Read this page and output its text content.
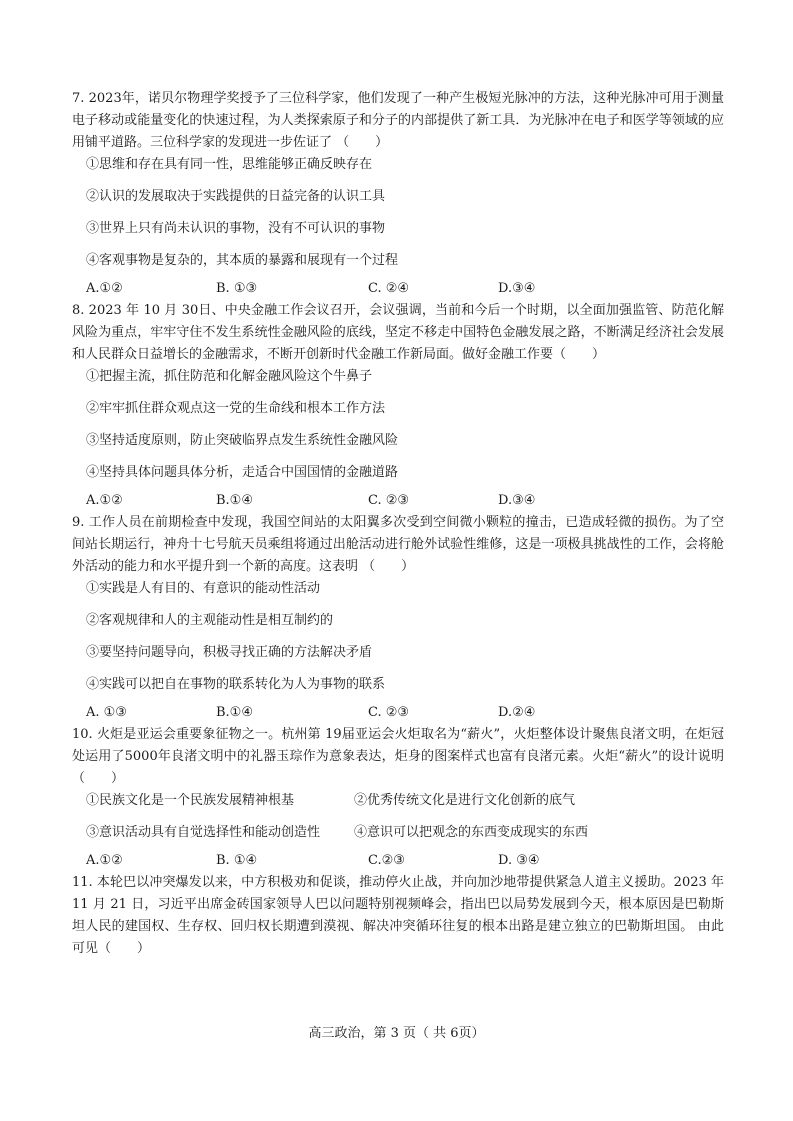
7. 2023年，诺贝尔物理学奖授予了三位科学家，他们发现了一种产生极短光脉冲的方法，这种光脉冲可用于测量电子移动或能量变化的快速过程，为人类探索原子和分子的内部提供了新工具．为光脉冲在电子和医学等领域的应用铺平道路。三位科学家的发现进一步佐证了 （　　）

①思维和存在具有同一性，思维能够正确反映存在
②认识的发展取决于实践提供的日益完备的认识工具
③世界上只有尚未认识的事物，没有不可认识的事物
④客观事物是复杂的，其本质的暴露和展现有一个过程
A.①②	B. ①③	C. ②④	D.③④

8. 2023 年 10 月 30日、中央金融工作会议召开，会议强调，当前和今后一个时期，以全面加强监管、防范化解风险为重点，牢牢守住不发生系统性金融风险的底线，坚定不移走中国特色金融发展之路，不断满足经济社会发展和人民群众日益增长的金融需求，不断开创新时代金融工作新局面。做好金融工作要（　　）

①把握主流，抓住防范和化解金融风险这个牛鼻子
②牢牢抓住群众观点这一党的生命线和根本工作方法
③坚持适度原则，防止突破临界点发生系统性金融风险
④坚持具体问题具体分析，走适合中国国情的金融道路
A.①②	B.①④	C. ②③	D.③④

9. 工作人员在前期检查中发现，我国空间站的太阳翼多次受到空间微小颗粒的撞击，已造成轻微的损伤。为了空间站长期运行，神舟十七号航天员乘组将通过出舱活动进行舱外试验性维修，这是一项极具挑战性的工作，会将舱外活动的能力和水平提升到一个新的高度。这表明 （　　）

①实践是人有目的、有意识的能动性活动
②客观规律和人的主观能动性是相互制约的
③要坚持问题导向，积极寻找正确的方法解决矛盾
④实践可以把自在事物的联系转化为人为事物的联系
A. ①③	B.①④	C. ②③	D.②④

10. 火炬是亚运会重要象征物之一。杭州第 19届亚运会火炬取名为“薪火”，火炬整体设计聚焦良渚文明，在炬冠处运用了5000年良渚文明中的礼器玉琮作为意象表达，炬身的图案样式也富有良渚元素。火炬“薪火”的设计说明（　　）

①民族文化是一个民族发展精神根基	②优秀传统文化是进行文化创新的底气
③意识活动具有自觉选择性和能动创造性	④意识可以把观念的东西变成现实的东西
A.①②	B. ①④	C.②③	D. ③④

11. 本轮巴以冲突爆发以来，中方积极劝和促谈，推动停火止战，并向加沙地带提供紧急人道主义援助。2023 年 11 月 21 日，习近平出席金砖国家领导人巴以问题特别视频峰会，指出巴以局势发展到今天，根本原因是巴勒斯坦人民的建国权、生存权、回归权长期遭到漠视、解决冲突循环往复的根本出路是建立独立的巴勒斯坦国。 由此可见（　　）

高三政治，第 3 页（ 共 6页）
